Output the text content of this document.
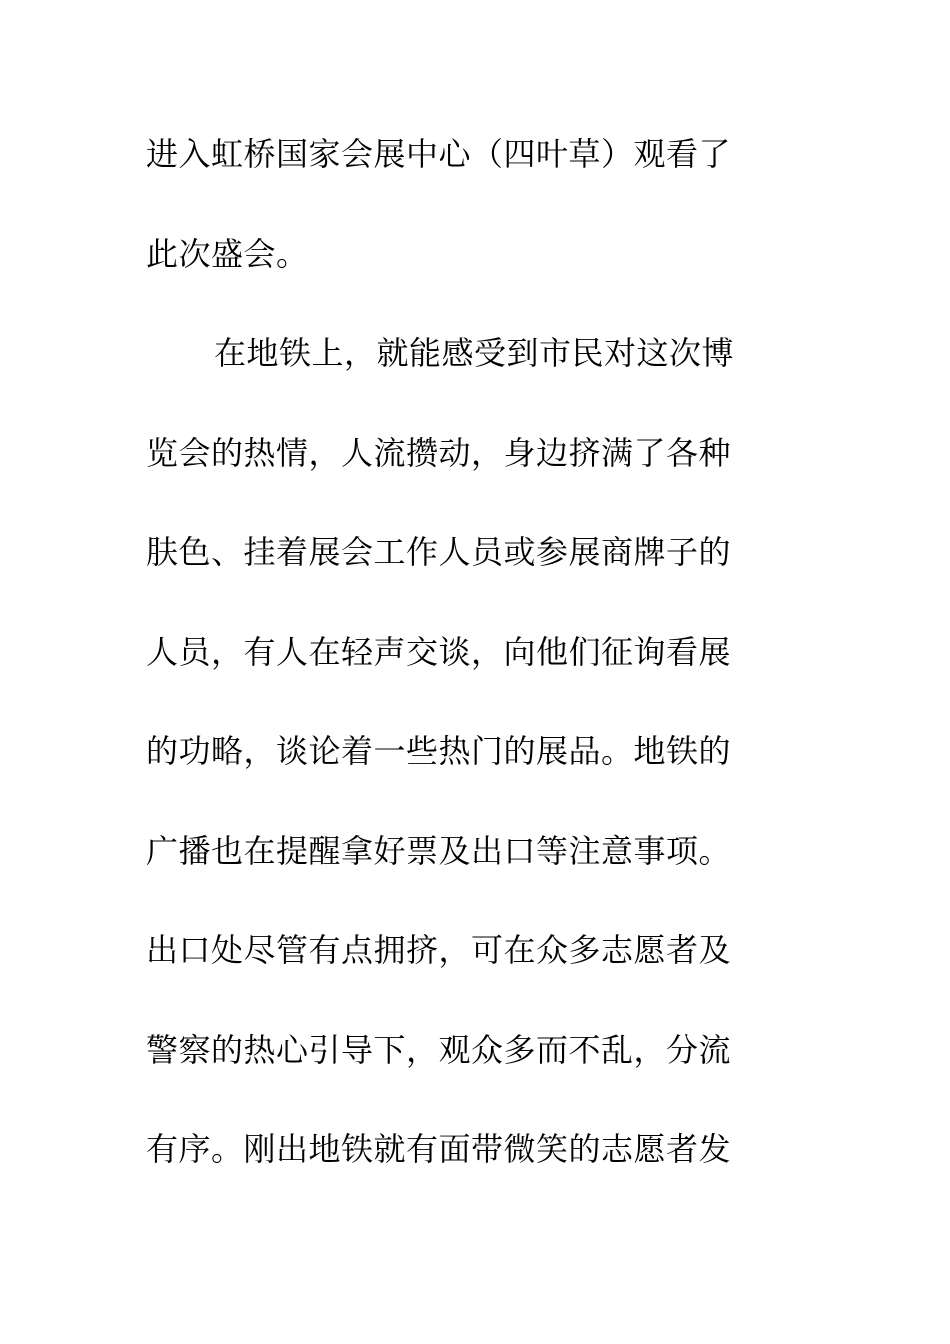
进入虹桥国家会展中心（四叶草）观看了
此次盛会。
在地铁上，就能感受到市民对这次博
览会的热情，人流攒动，身边挤满了各种
肤色、挂着展会工作人员或参展商牌子的
人员，有人在轻声交谈，向他们征询看展
的功略，谈论着一些热门的展品。地铁的
广播也在提醒拿好票及出口等注意事项。
出口处尽管有点拥挤，可在众多志愿者及
警察的热心引导下，观众多而不乱，分流
有序。刚出地铁就有面带微笑的志愿者发
